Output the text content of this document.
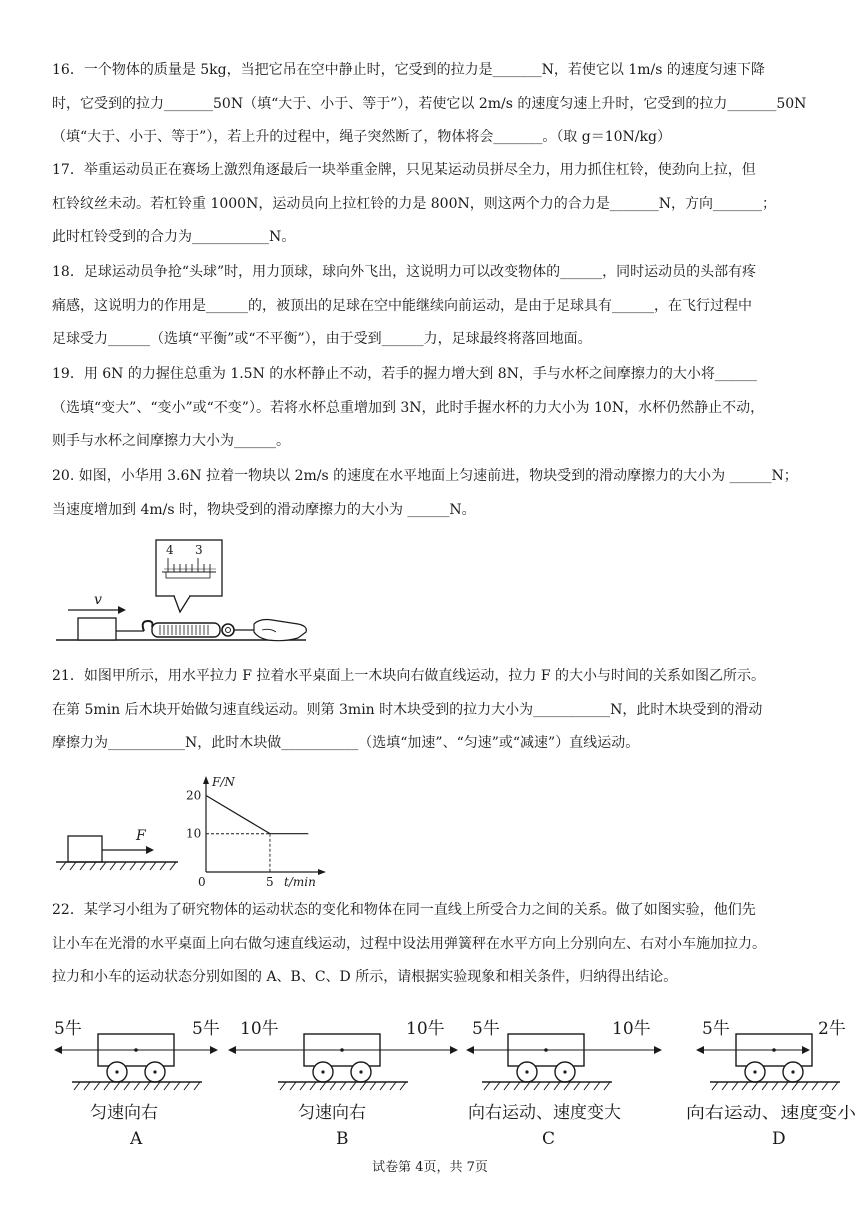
16．一个物体的质量是 5kg，当把它吊在空中静止时，它受到的拉力是_______N，若使它以 1m/s 的速度匀速下降

时，它受到的拉力_______50N（填“大于、小于、等于”），若使它以 2m/s 的速度匀速上升时，它受到的拉力_______50N

（填“大于、小于、等于”），若上升的过程中，绳子突然断了，物体将会_______。（取 g＝10N/kg）

17．举重运动员正在赛场上激烈角逐最后一块举重金牌，只见某运动员拼尽全力，用力抓住杠铃，使劲向上拉，但

杠铃纹丝未动。若杠铃重 1000N，运动员向上拉杠铃的力是 800N，则这两个力的合力是_______N，方向_______；

此时杠铃受到的合力为___________N。

18．足球运动员争抢“头球”时，用力顶球，球向外飞出，这说明力可以改变物体的______，同时运动员的头部有疼

痛感，这说明力的作用是______的，被顶出的足球在空中能继续向前运动，是由于足球具有______，在飞行过程中

足球受力______（选填“平衡”或“不平衡”），由于受到______力，足球最终将落回地面。

19．用 6N 的力握住总重为 1.5N 的水杯静止不动，若手的握力增大到 8N，手与水杯之间摩擦力的大小将______

（选填“变大”、“变小”或“不变”）。若将水杯总重增加到 3N，此时手握水杯的力大小为 10N，水杯仍然静止不动，

则手与水杯之间摩擦力大小为______。

20. 如图，小华用 3.6N 拉着一物块以 2m/s 的速度在水平地面上匀速前进，物块受到的滑动摩擦力的大小为 ______N；

当速度增加到 4m/s 时，物块受到的滑动摩擦力的大小为 ______N。

v
4 3

21．如图甲所示，用水平拉力 F 拉着水平桌面上一木块向右做直线运动，拉力 F 的大小与时间的关系如图乙所示。

在第 5min 后木块开始做匀速直线运动。则第 3min 时木块受到的拉力大小为___________N，此时木块受到的滑动

摩擦力为___________N，此时木块做___________（选填“加速”、“匀速”或“减速”）直线运动。

F
F/N
t/min
0	5
20
10

22．某学习小组为了研究物体的运动状态的变化和物体在同一直线上所受合力之间的关系。做了如图实验，他们先

让小车在光滑的水平桌面上向右做匀速直线运动，过程中设法用弹簧秤在水平方向上分别向左、右对小车施加拉力。

拉力和小车的运动状态分别如图的 A、B、C、D 所示，请根据实验现象和相关条件，归纳得出结论。

5牛	5牛
匀速向右
A
10牛	10牛
匀速向右
B
5牛	10牛
向右运动、速度变大
C
5牛	2牛
向右运动、速度变小
D
试卷第 4页，共 7页
